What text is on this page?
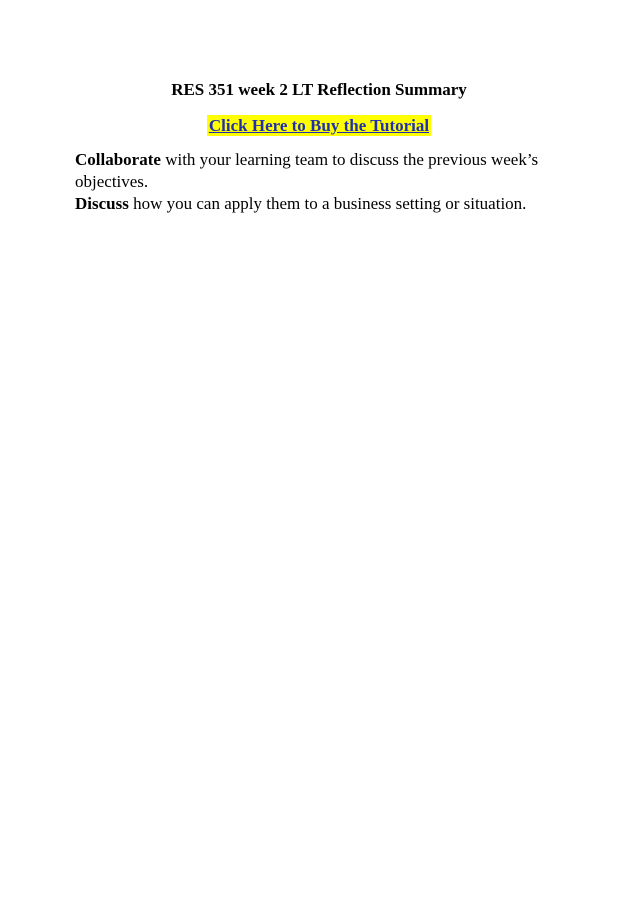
RES 351 week 2 LT Reflection Summary
Click Here to Buy the Tutorial

Collaborate with your learning team to discuss the previous week’s objectives.

Discuss how you can apply them to a business setting or situation.
